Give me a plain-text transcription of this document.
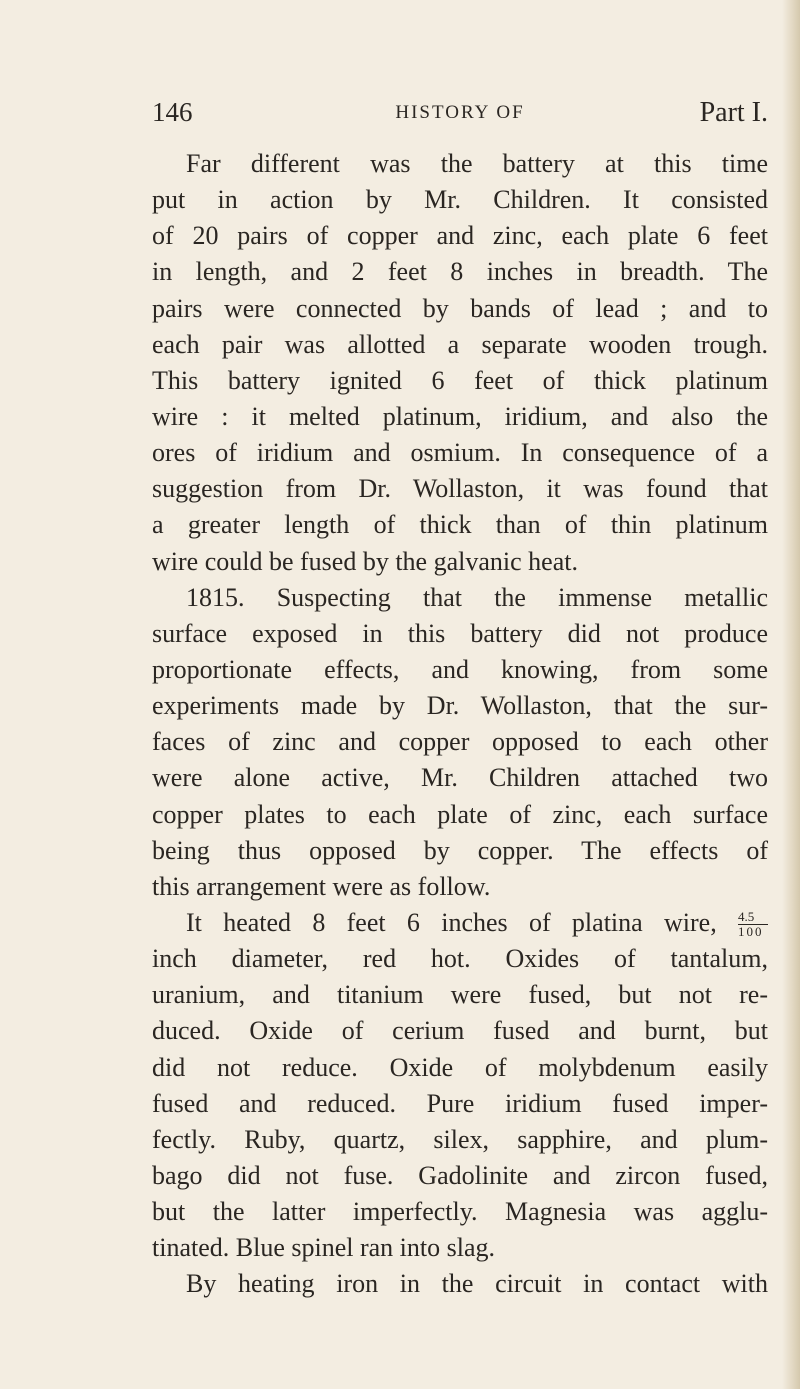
146	HISTORY OF	Part I.
Far different was the battery at this time
put in action by Mr. Children. It consisted
of 20 pairs of copper and zinc, each plate 6 feet
in length, and 2 feet 8 inches in breadth. The
pairs were connected by bands of lead ; and to
each pair was allotted a separate wooden trough.
This battery ignited 6 feet of thick platinum
wire : it melted platinum, iridium, and also the
ores of iridium and osmium. In consequence of a
suggestion from Dr. Wollaston, it was found that
a greater length of thick than of thin platinum
wire could be fused by the galvanic heat.
1815. Suspecting that the immense metallic
surface exposed in this battery did not produce
proportionate effects, and knowing, from some
experiments made by Dr. Wollaston, that the sur-
faces of zinc and copper opposed to each other
were alone active, Mr. Children attached two
copper plates to each plate of zinc, each surface
being thus opposed by copper. The effects of
this arrangement were as follow.
It heated 8 feet 6 inches of platina wire, $\frac{4.5}{100}$
inch diameter, red hot. Oxides of tantalum,
uranium, and titanium were fused, but not re-
duced. Oxide of cerium fused and burnt, but
did not reduce. Oxide of molybdenum easily
fused and reduced. Pure iridium fused imper-
fectly. Ruby, quartz, silex, sapphire, and plum-
bago did not fuse. Gadolinite and zircon fused,
but the latter imperfectly. Magnesia was agglu-
tinated. Blue spinel ran into slag.
By heating iron in the circuit in contact with
